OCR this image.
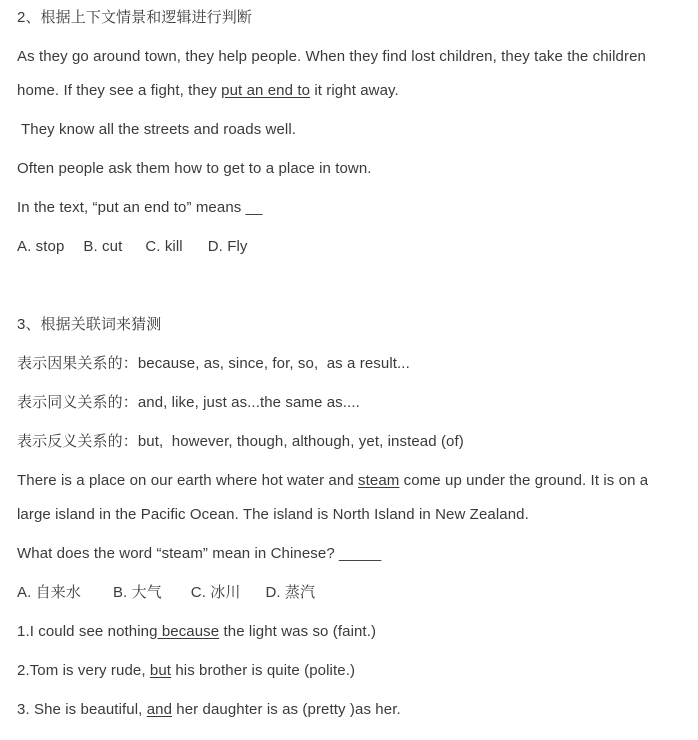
2、根据上下文情景和逻辑进行判断
As they go around town, they help people. When they find lost children, they take the children
home. If they see a fight, they put an end to it right away.
They know all the streets and roads well.
Often people ask them how to get to a place in town.
In the text, “put an end to” means __
A. stop B. cut C. kill D. Fly
3、根据关联词来猜测
表示因果关系的：because, as, since, for, so,  as a result...
表示同义关系的：and, like, just as...the same as....
表示反义关系的：but,  however, though, although, yet, instead (of)
There is a place on our earth where hot water and steam come up under the ground. It is on a
large island in the Pacific Ocean. The island is North Island in New Zealand.
What does the word “steam” mean in Chinese? _____
A. 自来水 B. 大气 C. 冰川 D. 蒸汽
1.I could see nothing because the light was so (faint.)
2.Tom is very rude, but his brother is quite (polite.)
3. She is beautiful, and her daughter is as (pretty )as her.
